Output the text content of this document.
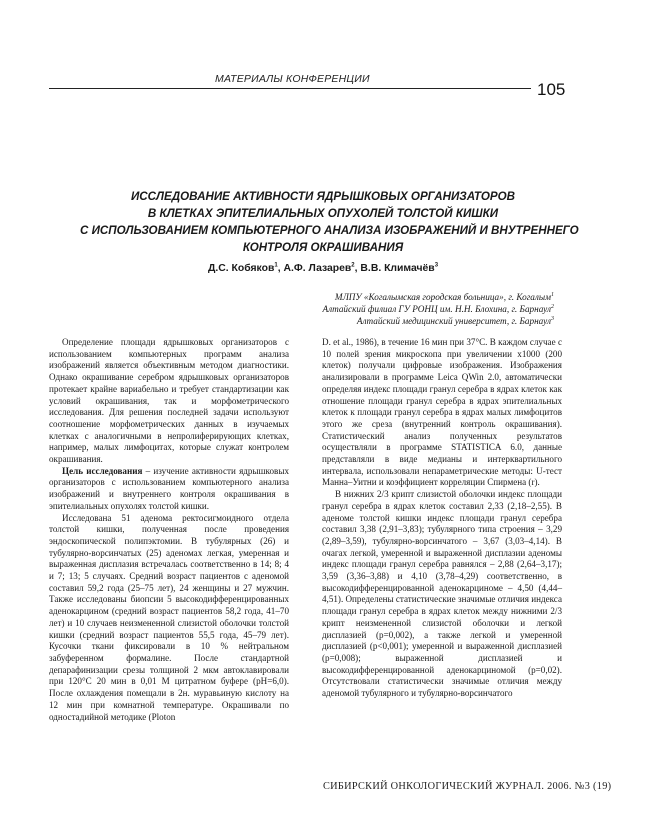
МАТЕРИАЛЫ КОНФЕРЕНЦИИ
105
ИССЛЕДОВАНИЕ АКТИВНОСТИ ЯДРЫШКОВЫХ ОРГАНИЗАТОРОВ
В КЛЕТКАХ ЭПИТЕЛИАЛЬНЫХ ОПУХОЛЕЙ ТОЛСТОЙ КИШКИ
С ИСПОЛЬЗОВАНИЕМ КОМПЬЮТЕРНОГО АНАЛИЗА ИЗОБРАЖЕНИЙ И ВНУТРЕННЕГО
КОНТРОЛЯ ОКРАШИВАНИЯ
Д.С. Кобяков$^1$, А.Ф. Лазарев$^2$, В.В. Климачёв$^3$
МЛПУ «Когалымская городская больница», г. Когалым$^1$
Алтайский филиал ГУ РОНЦ им. Н.Н. Блохина, г. Барнаул$^2$
Алтайский медицинский университет, г. Барнаул$^3$

Определение площади ядрышковых организаторов с использованием компьютерных программ анализа изображений является объективным методом диагностики. Однако окрашивание серебром ядрышковых организаторов протекает крайне вариабельно и требует стандартизации как условий окрашивания, так и морфометрического исследования. Для решения последней задачи используют соотношение морфометрических данных в изучаемых клетках с аналогичными в непролиферирующих клетках, например, малых лимфоцитах, которые служат контролем окрашивания.

Цель исследования – изучение активности ядрышковых организаторов с использованием компьютерного анализа изображений и внутреннего контроля окрашивания в эпителиальных опухолях толстой кишки.

Исследована 51 аденома ректосигмоидного отдела толстой кишки, полученная после проведения эндоскопической полипэктомии. В тубулярных (26) и тубулярно-ворсинчатых (25) аденомах легкая, умеренная и выраженная дисплазия встречалась соответственно в 14; 8; 4 и 7; 13; 5 случаях. Средний возраст пациентов с аденомой составил 59,2 года (25–75 лет), 24 женщины и 27 мужчин. Также исследованы биопсии 5 высокодифференцированных аденокарцином (средний возраст пациентов 58,2 года, 41–70 лет) и 10 случаев неизмененной слизистой оболочки толстой кишки (средний возраст пациентов 55,5 года, 45–79 лет). Кусочки ткани фиксировали в 10 % нейтральном забуференном формалине. После стандартной депарафинизации срезы толщиной 2 мкм автоклавировали при 120°С 20 мин в 0,01 М цитратном буфере (рН=6,0). После охлаждения помещали в 2н. муравьиную кислоту на 12 мин при комнатной температуре. Окрашивали по одностадийной методике (Ploton

D. et al., 1986), в течение 16 мин при 37°С. В каждом случае с 10 полей зрения микроскопа при увеличении х1000 (200 клеток) получали цифровые изображения. Изображения анализировали в программе Leica QWin 2.0, автоматически определяя индекс площади гранул серебра в ядрах клеток как отношение площади гранул серебра в ядрах эпителиальных клеток к площади гранул серебра в ядрах малых лимфоцитов этого же среза (внутренний контроль окрашивания). Статистический анализ полученных результатов осуществляли в программе STATISTICA 6.0, данные представляли в виде медианы и интерквартильного интервала, использовали непараметрические методы: U-тест Манна–Уитни и коэффициент корреляции Спирмена (r).

В нижних 2/3 крипт слизистой оболочки индекс площади гранул серебра в ядрах клеток составил 2,33 (2,18–2,55). В аденоме толстой кишки индекс площади гранул серебра составил 3,38 (2,91–3,83); тубулярного типа строения – 3,29 (2,89–3,59), тубулярно-ворсинчатого – 3,67 (3,03–4,14). В очагах легкой, умеренной и выраженной дисплазии аденомы индекс площади гранул серебра равнялся – 2,88 (2,64–3,17); 3,59 (3,36–3,88) и 4,10 (3,78–4,29) соответственно, в высокодифференцированной аденокарциноме – 4,50 (4,44–4,51). Определены статистические значимые отличия индекса площади гранул серебра в ядрах клеток между нижними 2/3 крипт неизмененной слизистой оболочки и легкой дисплазией (p=0,002), а также легкой и умеренной дисплазией (p<0,001); умеренной и выраженной дисплазией (p=0,008); выраженной дисплазией и высокодифференцированной аденокарциномой (p=0,02). Отсутствовали статистически значимые отличия между аденомой тубулярного и тубулярно-ворсинчатого

СИБИРСКИЙ ОНКОЛОГИЧЕСКИЙ ЖУРНАЛ. 2006. №3 (19)
